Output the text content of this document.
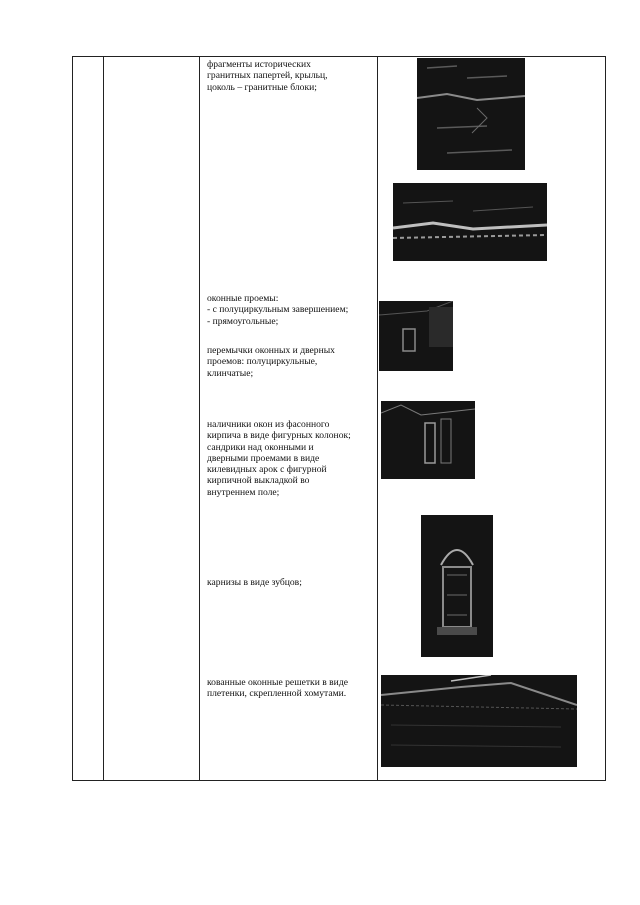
фрагменты исторических

гранитных папертей, крыльц,

цоколь – гранитные блоки;

оконные проемы:

- с полуциркульным завершением;

- прямоугольные;

перемычки оконных и дверных

проемов: полуциркульные,

клинчатые;

наличники окон из фасонного

кирпича в виде фигурных колонок;

сандрики над оконными и

дверными проемами в виде

килевидных арок с фигурной

кирпичной выкладкой во

внутреннем поле;

карнизы в виде зубцов;

кованные оконные решетки в виде

плетенки, скрепленной хомутами.
